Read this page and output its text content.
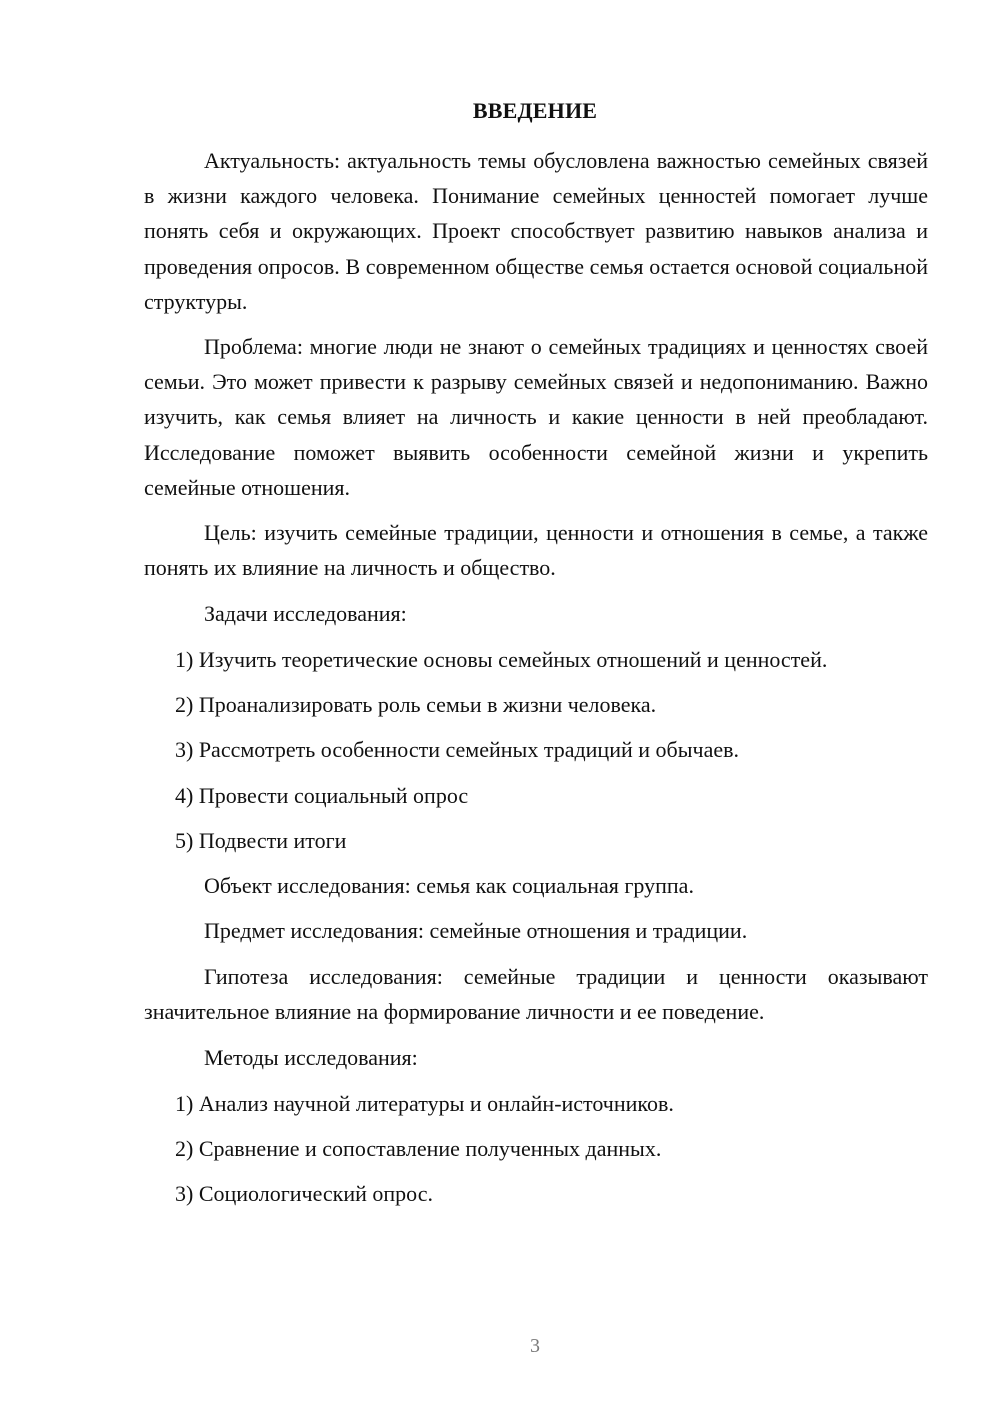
ВВЕДЕНИЕ

Актуальность: актуальность темы обусловлена важностью семейных связей в жизни каждого человека. Понимание семейных ценностей помогает лучше понять себя и окружающих. Проект способствует развитию навыков анализа и проведения опросов. В современном обществе семья остается основой социальной структуры.

Проблема: многие люди не знают о семейных традициях и ценностях своей семьи. Это может привести к разрыву семейных связей и недопониманию. Важно изучить, как семья влияет на личность и какие ценности в ней преобладают. Исследование поможет выявить особенности семейной жизни и укрепить семейные отношения.

Цель: изучить семейные традиции, ценности и отношения в семье, а также понять их влияние на личность и общество.

Задачи исследования:

1) Изучить теоретические основы семейных отношений и ценностей.

2) Проанализировать роль семьи в жизни человека.

3) Рассмотреть особенности семейных традиций и обычаев.

4) Провести социальный опрос

5) Подвести итоги

Объект исследования: семья как социальная группа.

Предмет исследования: семейные отношения и традиции.

Гипотеза исследования: семейные традиции и ценности оказывают значительное влияние на формирование личности и ее поведение.

Методы исследования:

1) Анализ научной литературы и онлайн-источников.

2) Сравнение и сопоставление полученных данных.

3) Социологический опрос.

3
